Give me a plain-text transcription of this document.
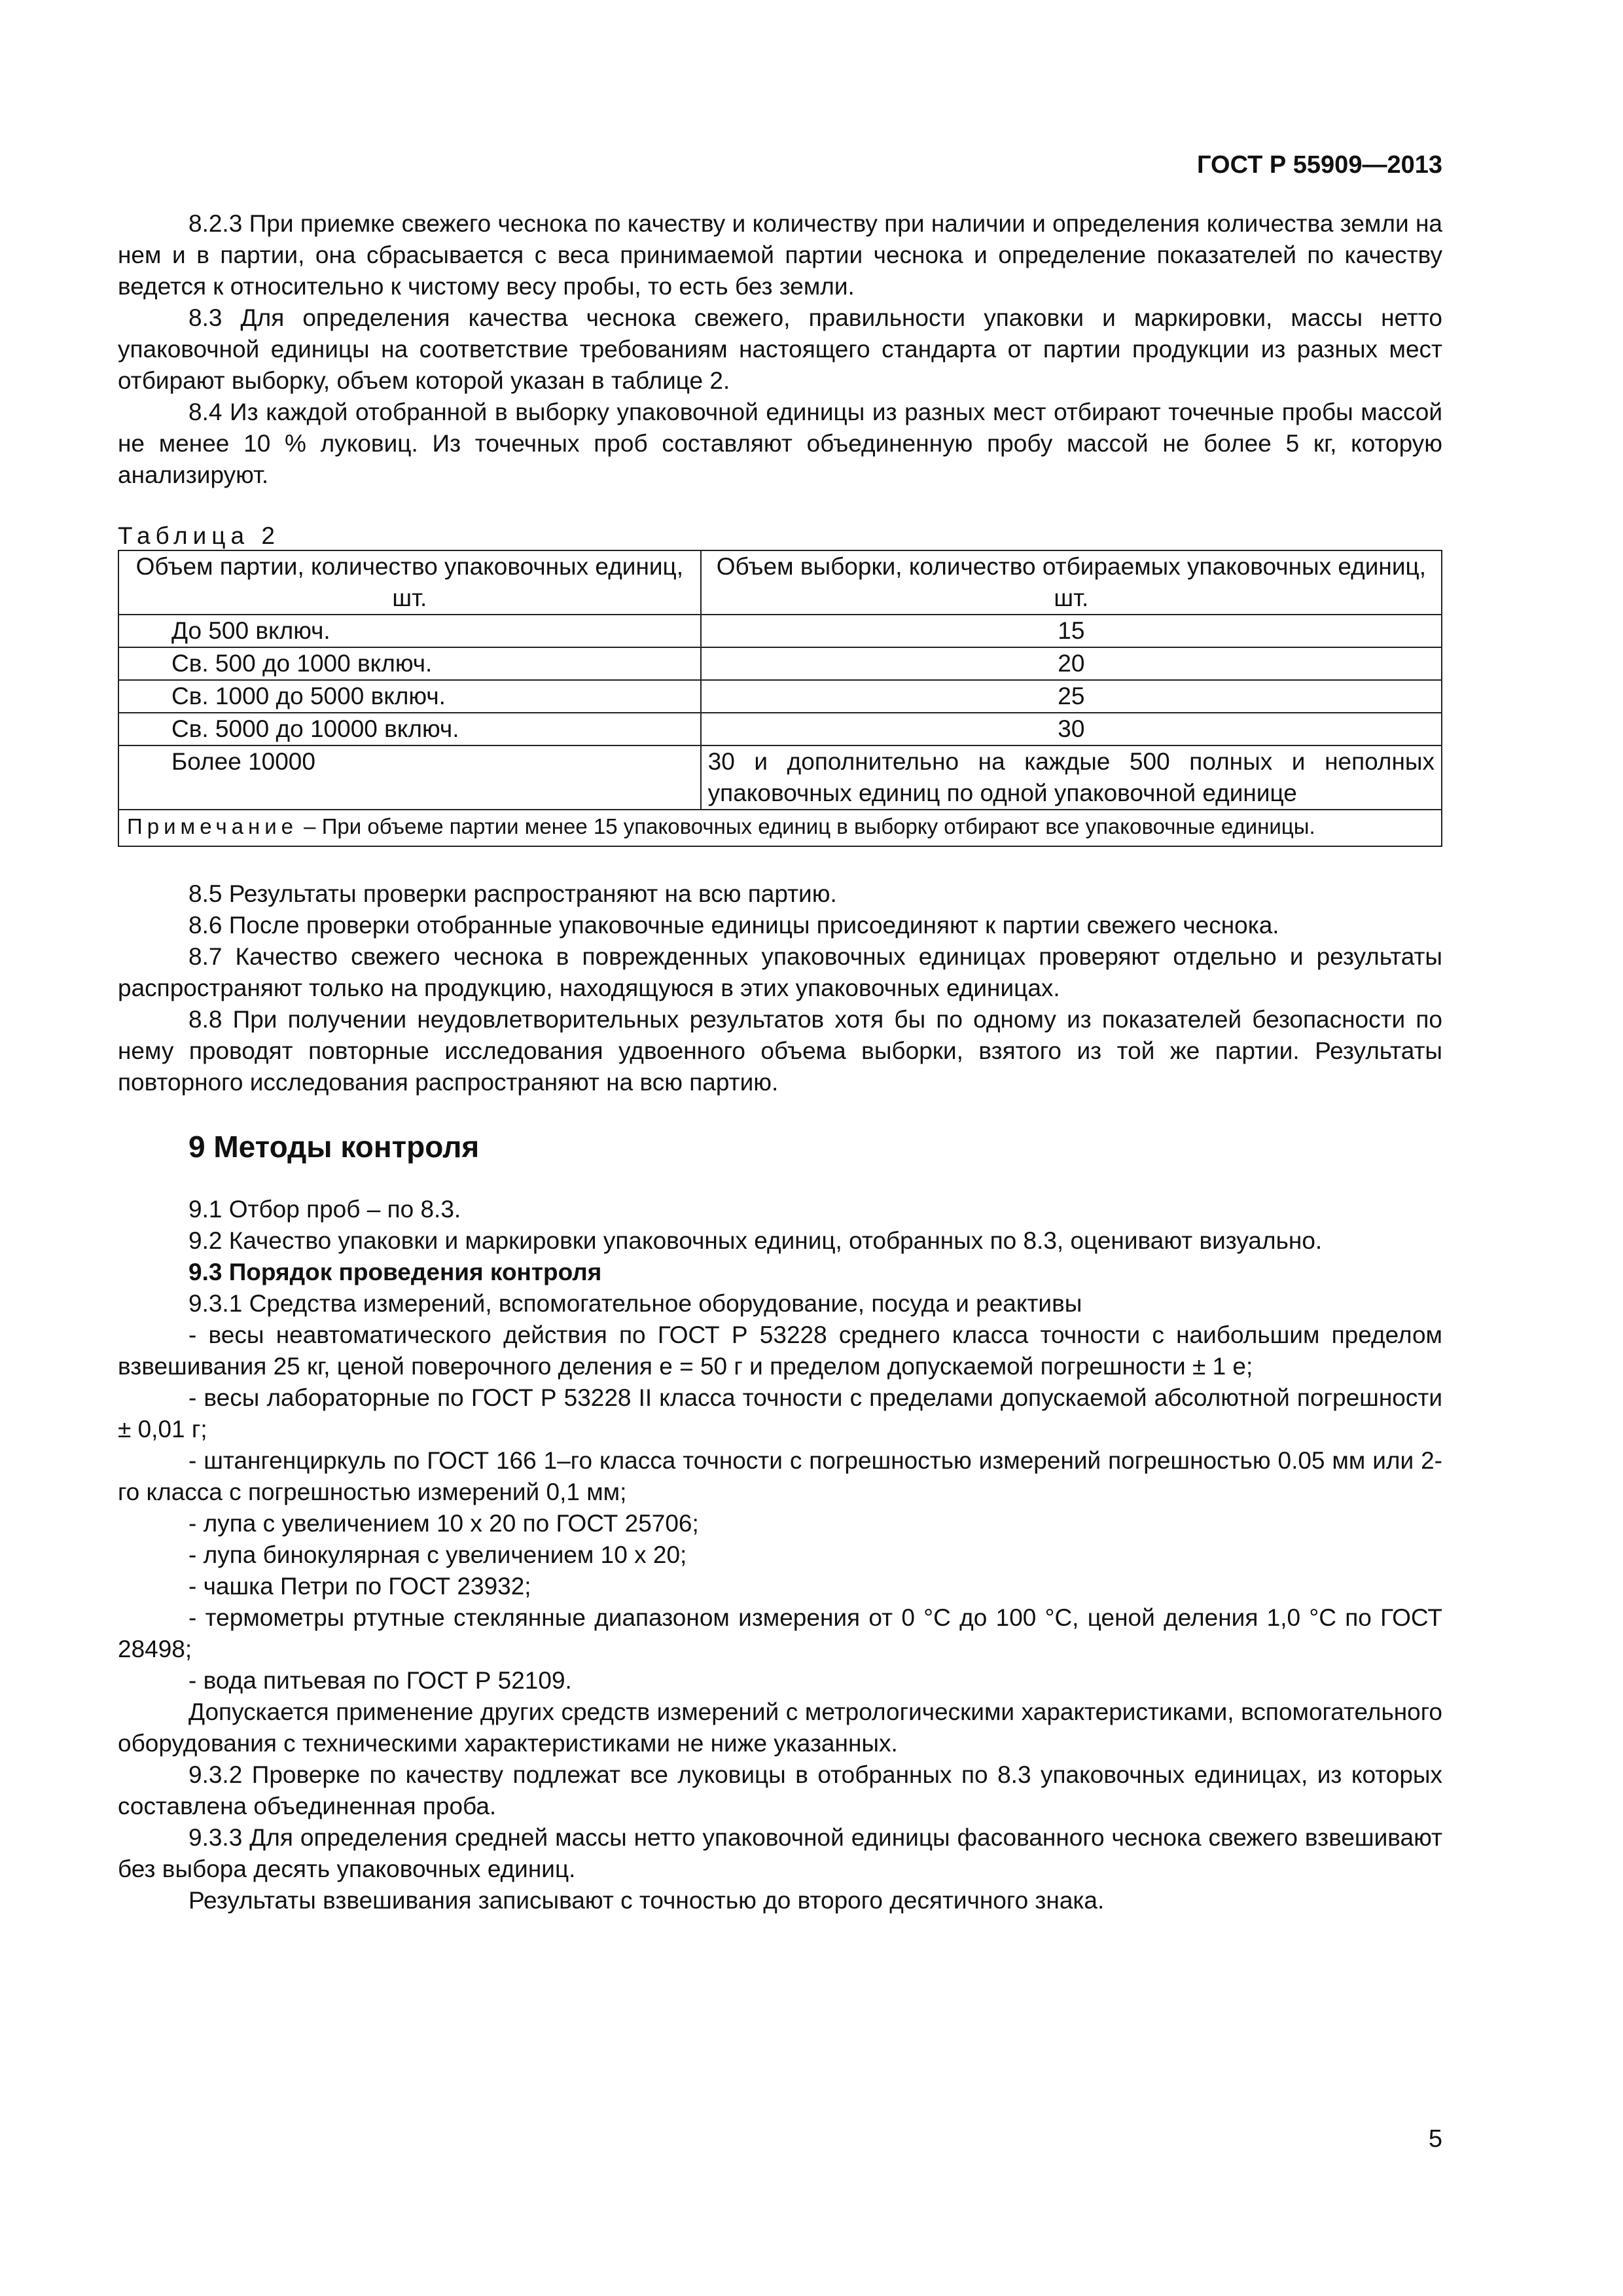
ГОСТ Р 55909—2013

8.2.3 При приемке свежего чеснока по качеству и количеству при наличии и определения количества земли на нем и в партии, она сбрасывается с веса принимаемой партии чеснока и определение показателей по качеству ведется к относительно к чистому весу пробы, то есть без земли.

8.3 Для определения качества чеснока свежего, правильности упаковки и маркировки, массы нетто упаковочной единицы на соответствие требованиям настоящего стандарта от партии продукции из разных мест отбирают выборку, объем которой указан в таблице 2.

8.4 Из каждой отобранной в выборку упаковочной единицы из разных мест отбирают точечные пробы массой не менее 10 % луковиц. Из точечных проб составляют объединенную пробу массой не более 5 кг, которую анализируют.

Таблица 2
Объем партии, количество упаковочных единиц, шт.	Объем выборки, количество отбираемых упаковочных единиц, шт.
До 500 включ.	15
Св. 500 до 1000 включ.	20
Св. 1000 до 5000 включ.	25
Св. 5000 до 10000 включ.	30
Более 10000	30 и дополнительно на каждые 500 полных и неполных упаковочных единиц по одной упаковочной единице
Примечание – При объеме партии менее 15 упаковочных единиц в выборку отбирают все упаковочные единицы.	

8.5 Результаты проверки распространяют на всю партию.

8.6 После проверки отобранные упаковочные единицы присоединяют к партии свежего чеснока.

8.7 Качество свежего чеснока в поврежденных упаковочных единицах проверяют отдельно и результаты распространяют только на продукцию, находящуюся в этих упаковочных единицах.

8.8 При получении неудовлетворительных результатов хотя бы по одному из показателей безопасности по нему проводят повторные исследования удвоенного объема выборки, взятого из той же партии. Результаты повторного исследования распространяют на всю партию.

9 Методы контроля

9.1 Отбор проб – по 8.3.

9.2 Качество упаковки и маркировки упаковочных единиц, отобранных по 8.3, оценивают визуально.

9.3 Порядок проведения контроля

9.3.1 Средства измерений, вспомогательное оборудование, посуда и реактивы

- весы неавтоматического действия по ГОСТ Р 53228 среднего класса точности с наибольшим пределом взвешивания 25 кг, ценой поверочного деления е = 50 г и пределом допускаемой погрешности ± 1 е;

- весы лабораторные по ГОСТ Р 53228 II класса точности с пределами допускаемой абсолютной погрешности ± 0,01 г;

- штангенциркуль по ГОСТ 166 1–го класса точности с погрешностью измерений погрешностью 0.05 мм или 2-го класса с погрешностью измерений 0,1 мм;

- лупа с увеличением 10 х 20 по ГОСТ 25706;

- лупа бинокулярная с увеличением 10 х 20;

- чашка Петри по ГОСТ 23932;

- термометры ртутные стеклянные диапазоном измерения от 0 °С до 100 °С, ценой деления 1,0 °С по ГОСТ 28498;

- вода питьевая по ГОСТ Р 52109.

Допускается применение других средств измерений с метрологическими характеристиками, вспомогательного оборудования с техническими характеристиками не ниже указанных.

9.3.2 Проверке по качеству подлежат все луковицы в отобранных по 8.3 упаковочных единицах, из которых составлена объединенная проба.

9.3.3 Для определения средней массы нетто упаковочной единицы фасованного чеснока свежего взвешивают без выбора десять упаковочных единиц.

Результаты взвешивания записывают с точностью до второго десятичного знака.

5
